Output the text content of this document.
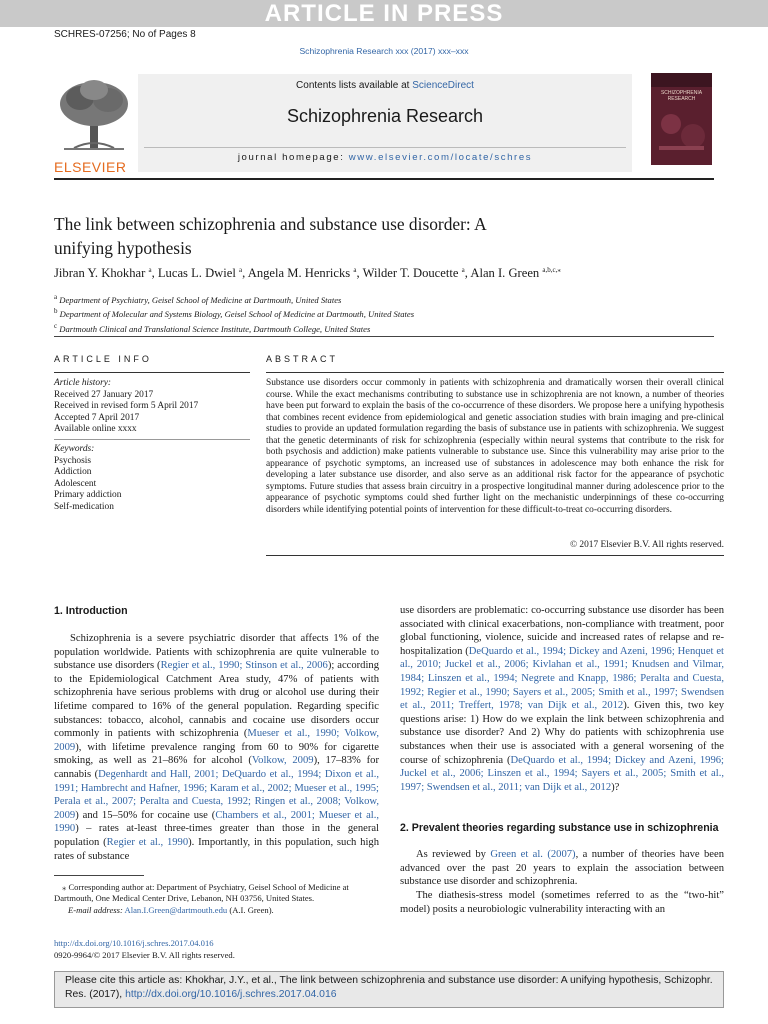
ARTICLE IN PRESS
SCHRES-07256; No of Pages 8
Schizophrenia Research xxx (2017) xxx–xxx
ELSEVIER
Contents lists available at ScienceDirect
Schizophrenia Research
journal homepage: www.elsevier.com/locate/schres
SCHIZOPHRENIA RESEARCH
The link between schizophrenia and substance use disorder: A
unifying hypothesis
Jibran Y. Khokhar $^a$, Lucas L. Dwiel $^a$, Angela M. Henricks $^a$, Wilder T. Doucette $^a$, Alan I. Green $^{a,b,c,⁎}$
$^a$ Department of Psychiatry, Geisel School of Medicine at Dartmouth, United States
$^b$ Department of Molecular and Systems Biology, Geisel School of Medicine at Dartmouth, United States
$^c$ Dartmouth Clinical and Translational Science Institute, Dartmouth College, United States
ARTICLE INFO
Article history:
Received 27 January 2017
Received in revised form 5 April 2017
Accepted 7 April 2017
Available online xxxx
Keywords:
Psychosis
Addiction
Adolescent
Primary addiction
Self-medication
ABSTRACT
Substance use disorders occur commonly in patients with schizophrenia and dramatically worsen their overall clinical course. While the exact mechanisms contributing to substance use in schizophrenia are not known, a number of theories have been put forward to explain the basis of the co-occurrence of these disorders. We propose here a unifying hypothesis that combines recent evidence from epidemiological and genetic association studies with brain imaging and pre-clinical studies to provide an updated formulation regarding the basis of substance use in patients with schizophrenia. We suggest that the genetic determinants of risk for schizophrenia (especially within neural systems that contribute to the risk for both psychosis and addiction) make patients vulnerable to substance use. Since this vulnerability may arise prior to the appearance of psychotic symptoms, an increased use of substances in adolescence may both enhance the risk for developing a later substance use disorder, and also serve as an additional risk factor for the appearance of psychotic symptoms. Future studies that assess brain circuitry in a prospective longitudinal manner during adolescence prior to the appearance of psychotic symptoms could shed further light on the mechanistic underpinnings of these co-occurring disorders while identifying potential points of intervention for these difficult-to-treat co-occurring disorders.
© 2017 Elsevier B.V. All rights reserved.
1. Introduction
Schizophrenia is a severe psychiatric disorder that affects 1% of the population worldwide. Patients with schizophrenia are quite vulnerable to substance use disorders (Regier et al., 1990; Stinson et al., 2006); according to the Epidemiological Catchment Area study, 47% of patients with schizophrenia have serious problems with drug or alcohol use during their lifetime compared to 16% of the general population. Regarding specific substances: tobacco, alcohol, cannabis and cocaine use disorders occur commonly in patients with schizophrenia (Mueser et al., 1990; Volkow, 2009), with lifetime prevalence ranging from 60 to 90% for cigarette smoking, as well as 21–86% for alcohol (Volkow, 2009), 17–83% for cannabis (Degenhardt and Hall, 2001; DeQuardo et al., 1994; Dixon et al., 1991; Hambrecht and Hafner, 1996; Karam et al., 2002; Mueser et al., 1995; Perala et al., 2007; Peralta and Cuesta, 1992; Ringen et al., 2008; Volkow, 2009) and 15–50% for cocaine use (Chambers et al., 2001; Mueser et al., 1990) – rates at-least three-times greater than those in the general population (Regier et al., 1990). Importantly, in this population, such high rates of substance
⁎ Corresponding author at: Department of Psychiatry, Geisel School of Medicine at Dartmouth, One Medical Center Drive, Lebanon, NH 03756, United States.
E-mail address: Alan.I.Green@dartmouth.edu (A.I. Green).
http://dx.doi.org/10.1016/j.schres.2017.04.016
0920-9964/© 2017 Elsevier B.V. All rights reserved.
use disorders are problematic: co-occurring substance use disorder has been associated with clinical exacerbations, non-compliance with treatment, poor global functioning, violence, suicide and increased rates of relapse and re-hospitalization (DeQuardo et al., 1994; Dickey and Azeni, 1996; Henquet et al., 2010; Juckel et al., 2006; Kivlahan et al., 1991; Knudsen and Vilmar, 1984; Linszen et al., 1994; Negrete and Knapp, 1986; Peralta and Cuesta, 1992; Regier et al., 1990; Sayers et al., 2005; Smith et al., 1997; Swendsen et al., 2011; Treffert, 1978; van Dijk et al., 2012). Given this, two key questions arise: 1) How do we explain the link between schizophrenia and substance use disorder? And 2) Why do patients with schizophrenia use substances when their use is associated with a general worsening of the course of schizophrenia (DeQuardo et al., 1994; Dickey and Azeni, 1996; Juckel et al., 2006; Linszen et al., 1994; Sayers et al., 2005; Smith et al., 1997; Swendsen et al., 2011; van Dijk et al., 2012)?
2. Prevalent theories regarding substance use in schizophrenia
As reviewed by Green et al. (2007), a number of theories have been advanced over the past 20 years to explain the association between substance use disorder and schizophrenia.
The diathesis-stress model (sometimes referred to as the “two-hit” model) posits a neurobiologic vulnerability interacting with an
Please cite this article as: Khokhar, J.Y., et al., The link between schizophrenia and substance use disorder: A unifying hypothesis, Schizophr. Res. (2017), http://dx.doi.org/10.1016/j.schres.2017.04.016
